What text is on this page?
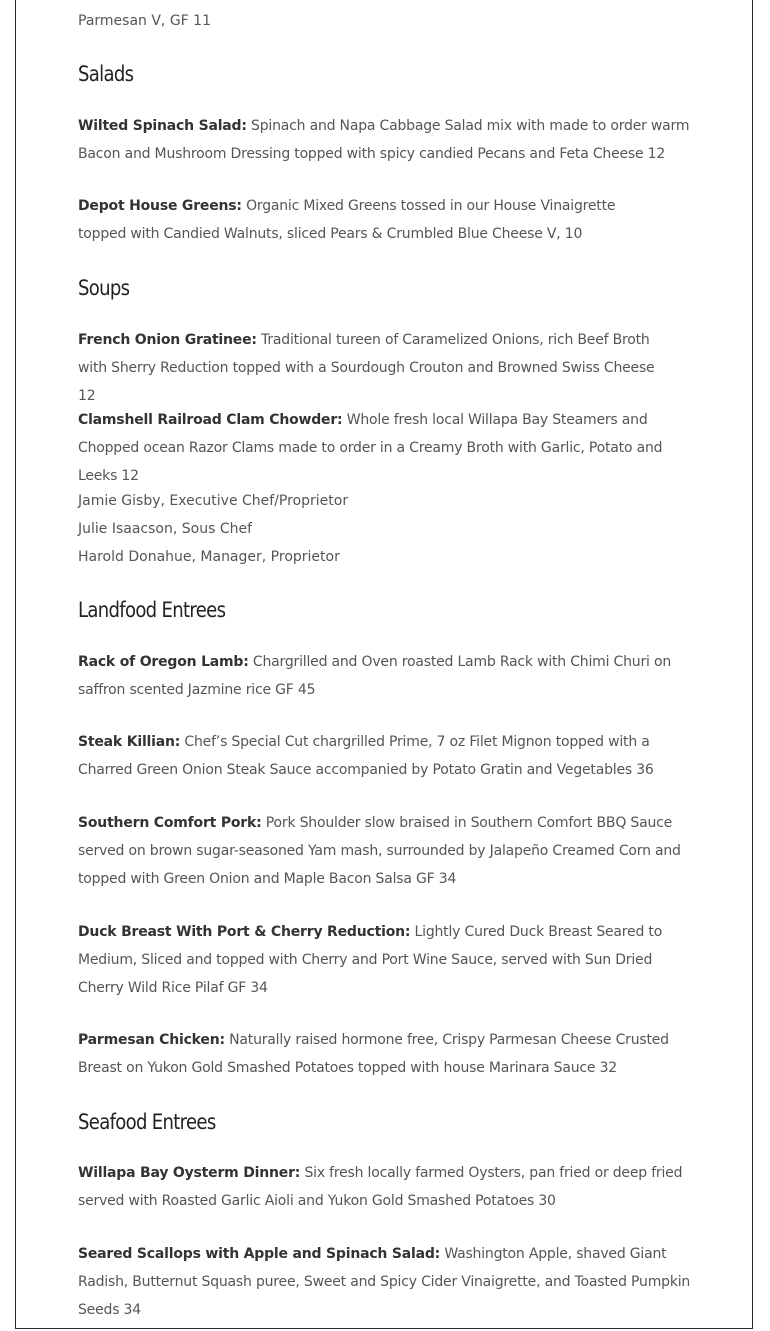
Parmesan V, GF 11
Salads
Wilted Spinach Salad: Spinach and Napa Cabbage Salad mix with made to order warm Bacon and Mushroom Dressing topped with spicy candied Pecans and Feta Cheese 12
Depot House Greens: Organic Mixed Greens tossed in our House Vinaigrette topped with Candied Walnuts, sliced Pears & Crumbled Blue Cheese V, 10
Soups
French Onion Gratinee: Traditional tureen of Caramelized Onions, rich Beef Broth with Sherry Reduction topped with a Sourdough Crouton and Browned Swiss Cheese 12
Clamshell Railroad Clam Chowder: Whole fresh local Willapa Bay Steamers and Chopped ocean Razor Clams made to order in a Creamy Broth with Garlic, Potato and Leeks 12
Jamie Gisby, Executive Chef/Proprietor
Julie Isaacson, Sous Chef
Harold Donahue, Manager, Proprietor
Landfood Entrees
Rack of Oregon Lamb: Chargrilled and Oven roasted Lamb Rack with Chimi Churi on saffron scented Jazmine rice GF 45
Steak Killian: Chef’s Special Cut chargrilled Prime, 7 oz Filet Mignon topped with a Charred Green Onion Steak Sauce accompanied by Potato Gratin and Vegetables 36
Southern Comfort Pork: Pork Shoulder slow braised in Southern Comfort BBQ Sauce served on brown sugar-seasoned Yam mash, surrounded by Jalapeño Creamed Corn and topped with Green Onion and Maple Bacon Salsa GF 34
Duck Breast With Port & Cherry Reduction: Lightly Cured Duck Breast Seared to Medium, Sliced and topped with Cherry and Port Wine Sauce, served with Sun Dried Cherry Wild Rice Pilaf GF 34
Parmesan Chicken: Naturally raised hormone free, Crispy Parmesan Cheese Crusted Breast on Yukon Gold Smashed Potatoes topped with house Marinara Sauce 32
Seafood Entrees
Willapa Bay Oysterm Dinner: Six fresh locally farmed Oysters, pan fried or deep fried served with Roasted Garlic Aioli and Yukon Gold Smashed Potatoes 30
Seared Scallops with Apple and Spinach Salad: Washington Apple, shaved Giant Radish, Butternut Squash puree, Sweet and Spicy Cider Vinaigrette, and Toasted Pumpkin Seeds 34
